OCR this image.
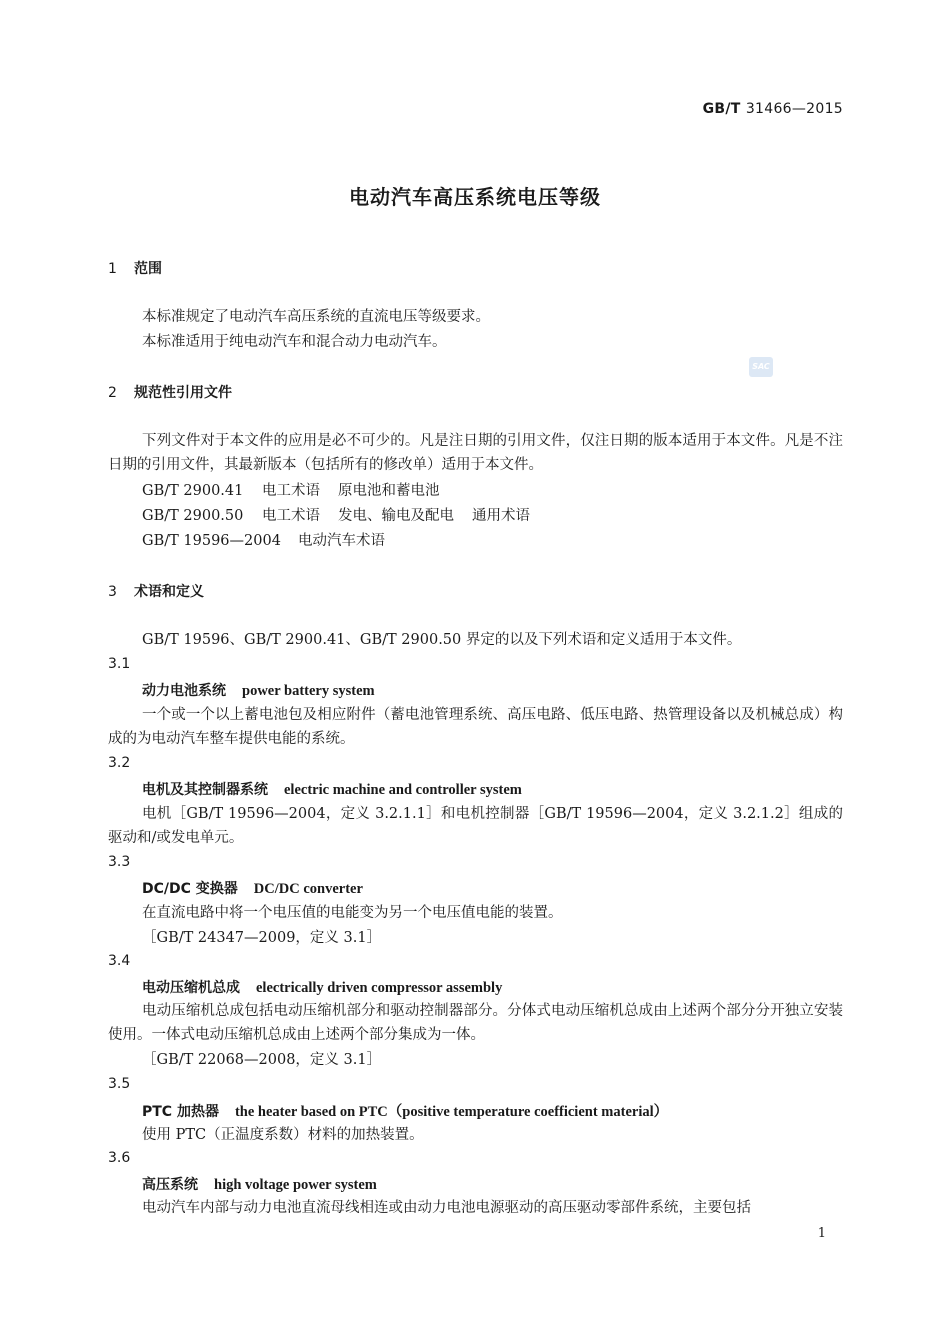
GB/T 31466—2015
电动汽车高压系统电压等级
1 范围
本标准规定了电动汽车高压系统的直流电压等级要求。
本标准适用于纯电动汽车和混合动力电动汽车。
SAC
2 规范性引用文件
下列文件对于本文件的应用是必不可少的。凡是注日期的引用文件，仅注日期的版本适用于本文件。凡是不注日期的引用文件，其最新版本（包括所有的修改单）适用于本文件。
GB/T 2900.41 电工术语 原电池和蓄电池
GB/T 2900.50 电工术语 发电、输电及配电 通用术语
GB/T 19596—2004 电动汽车术语
3 术语和定义
GB/T 19596、GB/T 2900.41、GB/T 2900.50 界定的以及下列术语和定义适用于本文件。
3.1
动力电池系统 power battery system
一个或一个以上蓄电池包及相应附件（蓄电池管理系统、高压电路、低压电路、热管理设备以及机械总成）构成的为电动汽车整车提供电能的系统。
3.2
电机及其控制器系统 electric machine and controller system
电机［GB/T 19596—2004，定义 3.2.1.1］和电机控制器［GB/T 19596—2004，定义 3.2.1.2］组成的驱动和/或发电单元。
3.3
DC/DC 变换器 DC/DC converter
在直流电路中将一个电压值的电能变为另一个电压值电能的装置。
［GB/T 24347—2009，定义 3.1］
3.4
电动压缩机总成 electrically driven compressor assembly
电动压缩机总成包括电动压缩机部分和驱动控制器部分。分体式电动压缩机总成由上述两个部分分开独立安装使用。一体式电动压缩机总成由上述两个部分集成为一体。
［GB/T 22068—2008，定义 3.1］
3.5
PTC 加热器 the heater based on PTC（positive temperature coefficient material）
使用 PTC（正温度系数）材料的加热装置。
3.6
高压系统 high voltage power system
电动汽车内部与动力电池直流母线相连或由动力电池电源驱动的高压驱动零部件系统，主要包括
1
